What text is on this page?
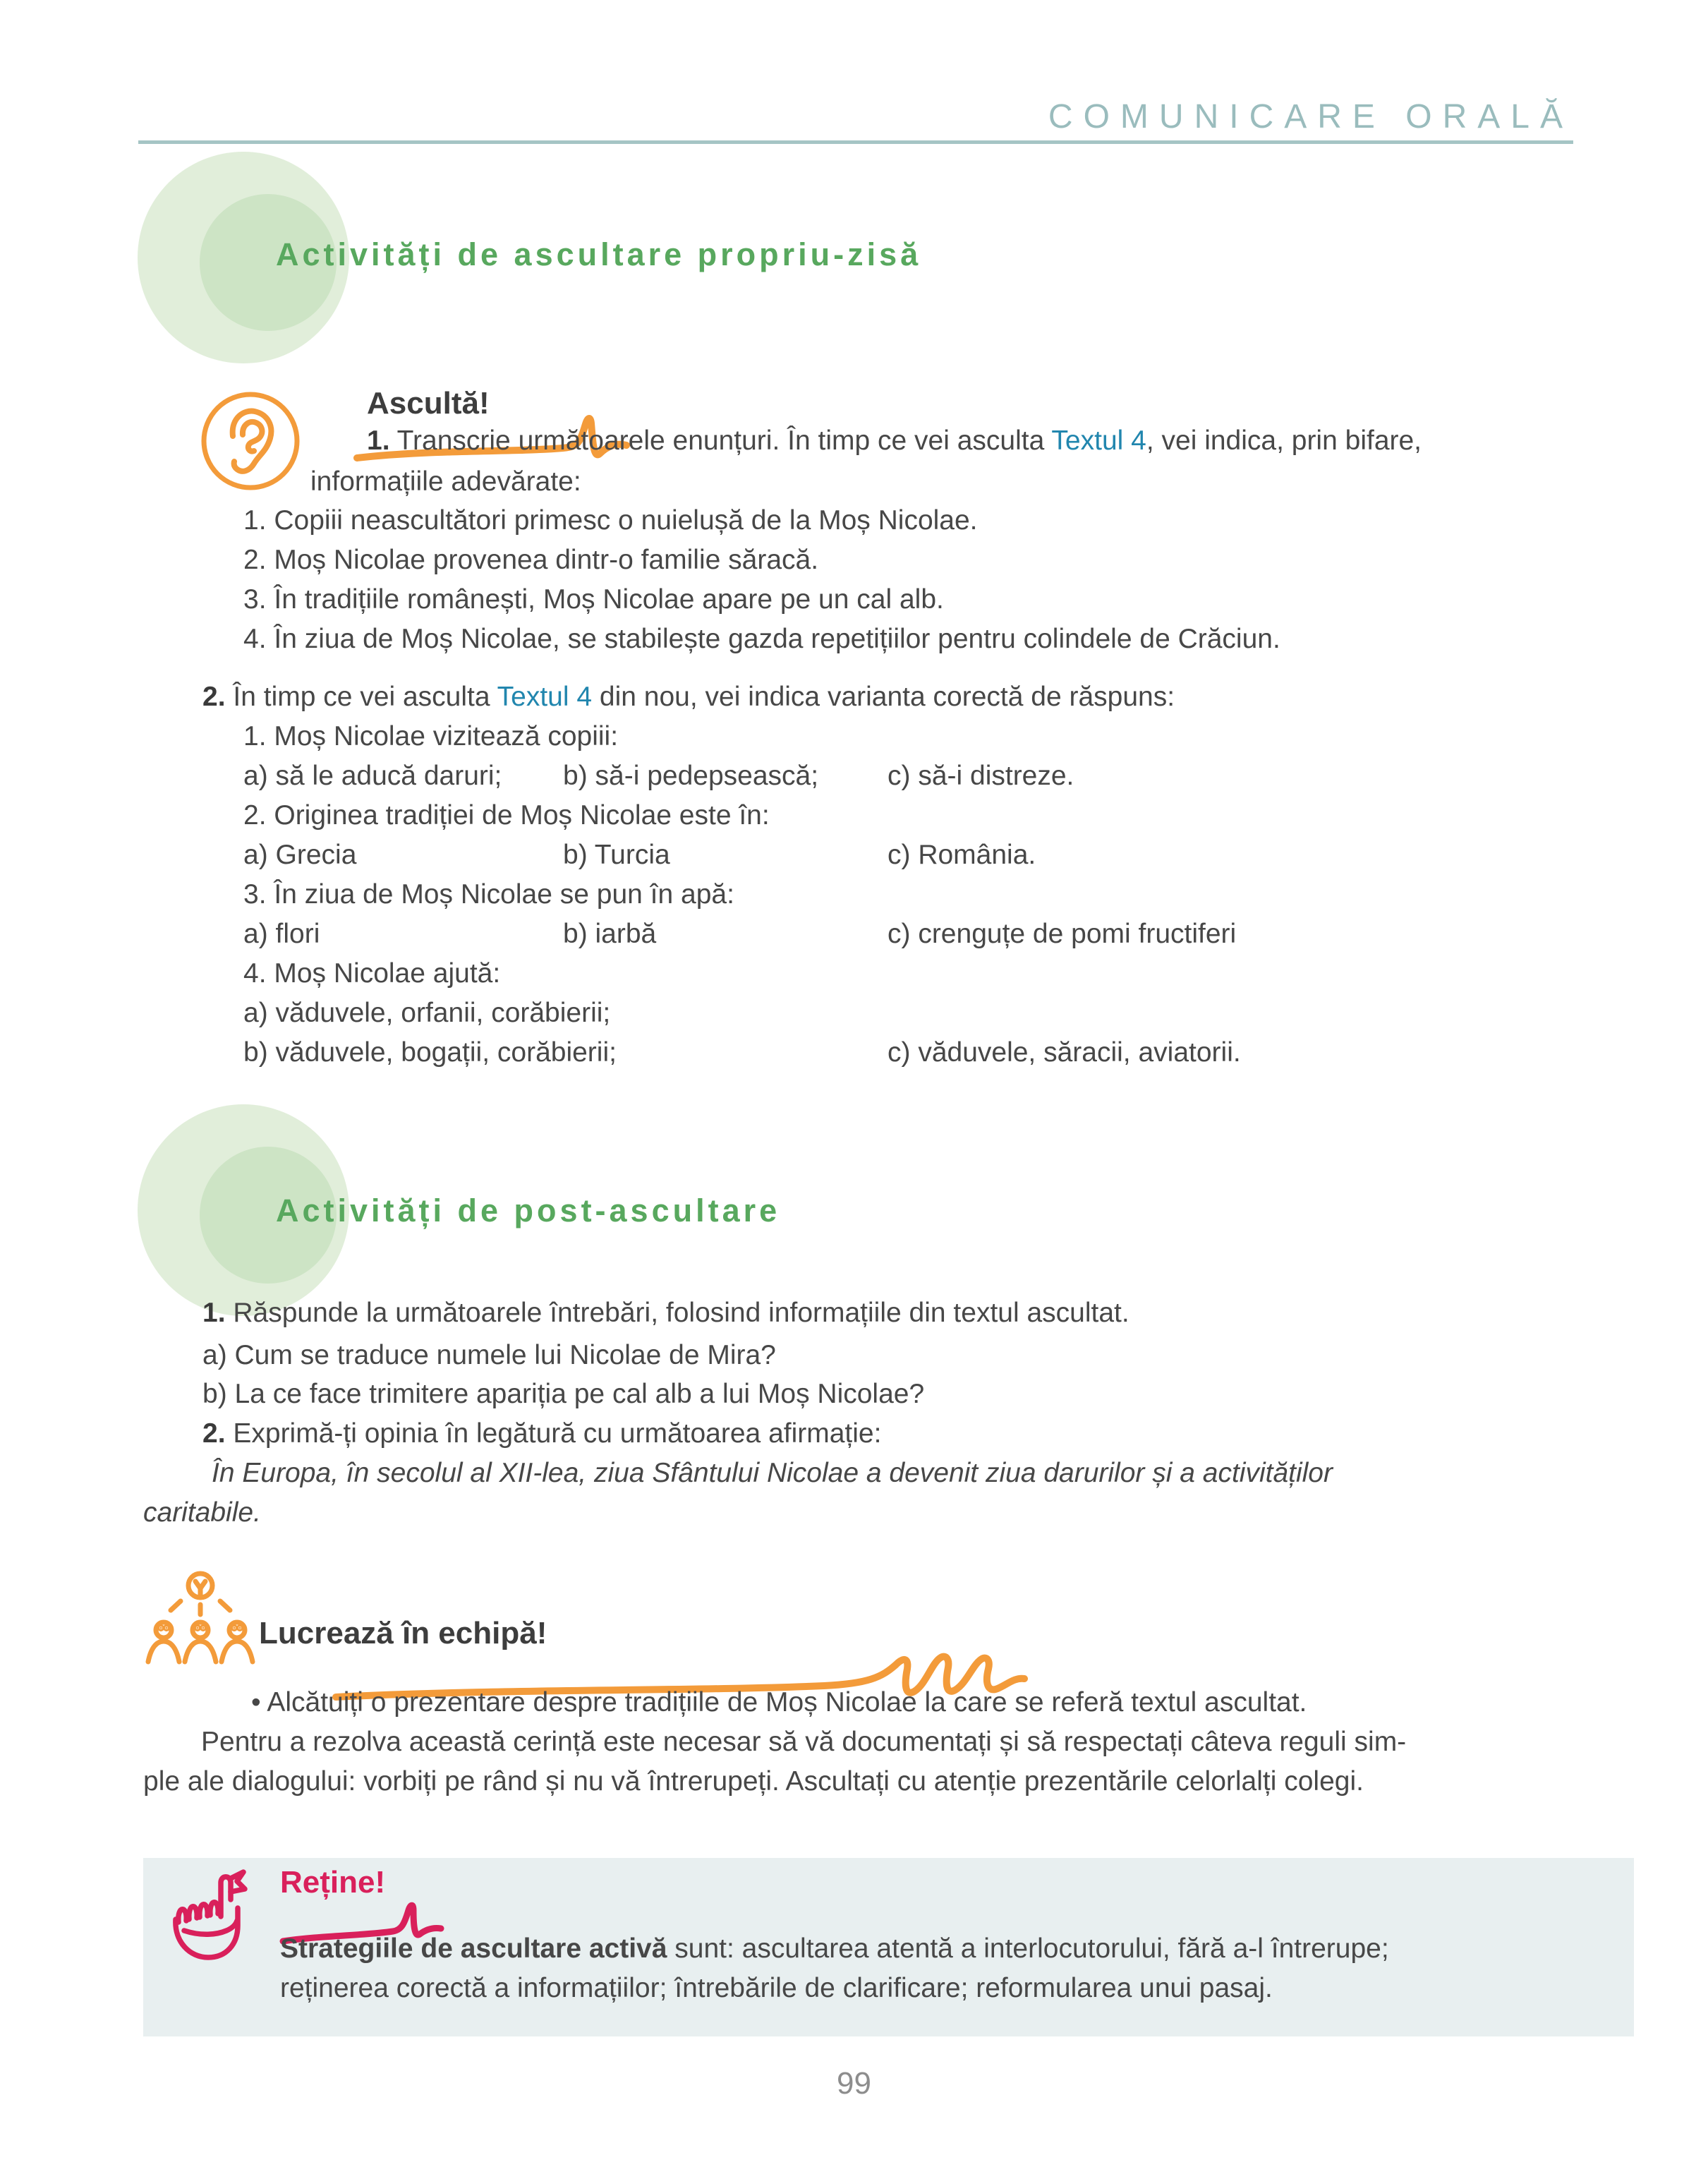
COMUNICARE ORALĂ
Activități de ascultare propriu-zisă
Ascultă!
1. Transcrie următoarele enunțuri. În timp ce vei asculta Textul 4, vei indica, prin bifare,
informațiile adevărate:
1. Copiii neascultători primesc o nuielușă de la Moș Nicolae.
2. Moș Nicolae provenea dintr-o familie săracă.
3. În tradițiile românești, Moș Nicolae apare pe un cal alb.
4. În ziua de Moș Nicolae, se stabilește gazda repetițiilor pentru colindele de Crăciun.
2. În timp ce vei asculta Textul 4 din nou, vei indica varianta corectă de răspuns:
1. Moș Nicolae vizitează copiii:
a) să le aducă daruri; b) să-i pedepsească;	c) să-i distreze.
2. Originea tradiției de Moș Nicolae este în:
a) Grecia	b) Turcia	c) România.
3. În ziua de Moș Nicolae se pun în apă:
a) flori	b) iarbă	c) crenguțe de pomi fructiferi
4. Moș Nicolae ajută:
a) văduvele, orfanii, corăbierii;
b) văduvele, bogații, corăbierii;	c) văduvele, săracii, aviatorii.
Activități de post-ascultare
1. Răspunde la următoarele întrebări, folosind informațiile din textul ascultat.
a) Cum se traduce numele lui Nicolae de Mira?
b) La ce face trimitere apariția pe cal alb a lui Moș Nicolae?
2. Exprimă-ți opinia în legătură cu următoarea afirmație:
În Europa, în secolul al XII-lea, ziua Sfântului Nicolae a devenit ziua darurilor și a activităților
caritabile.
Lucrează în echipă!
• Alcătuiți o prezentare despre tradițiile de Moș Nicolae la care se referă textul ascultat.
Pentru a rezolva această cerință este necesar să vă documentați și să respectați câteva reguli sim-
ple ale dialogului: vorbiți pe rând și nu vă întrerupeți. Ascultați cu atenție prezentările celorlalți colegi.
Reține!
Strategiile de ascultare activă sunt: ascultarea atentă a interlocutorului, fără a-l întrerupe;
reținerea corectă a informațiilor; întrebările de clarificare; reformularea unui pasaj.
99
